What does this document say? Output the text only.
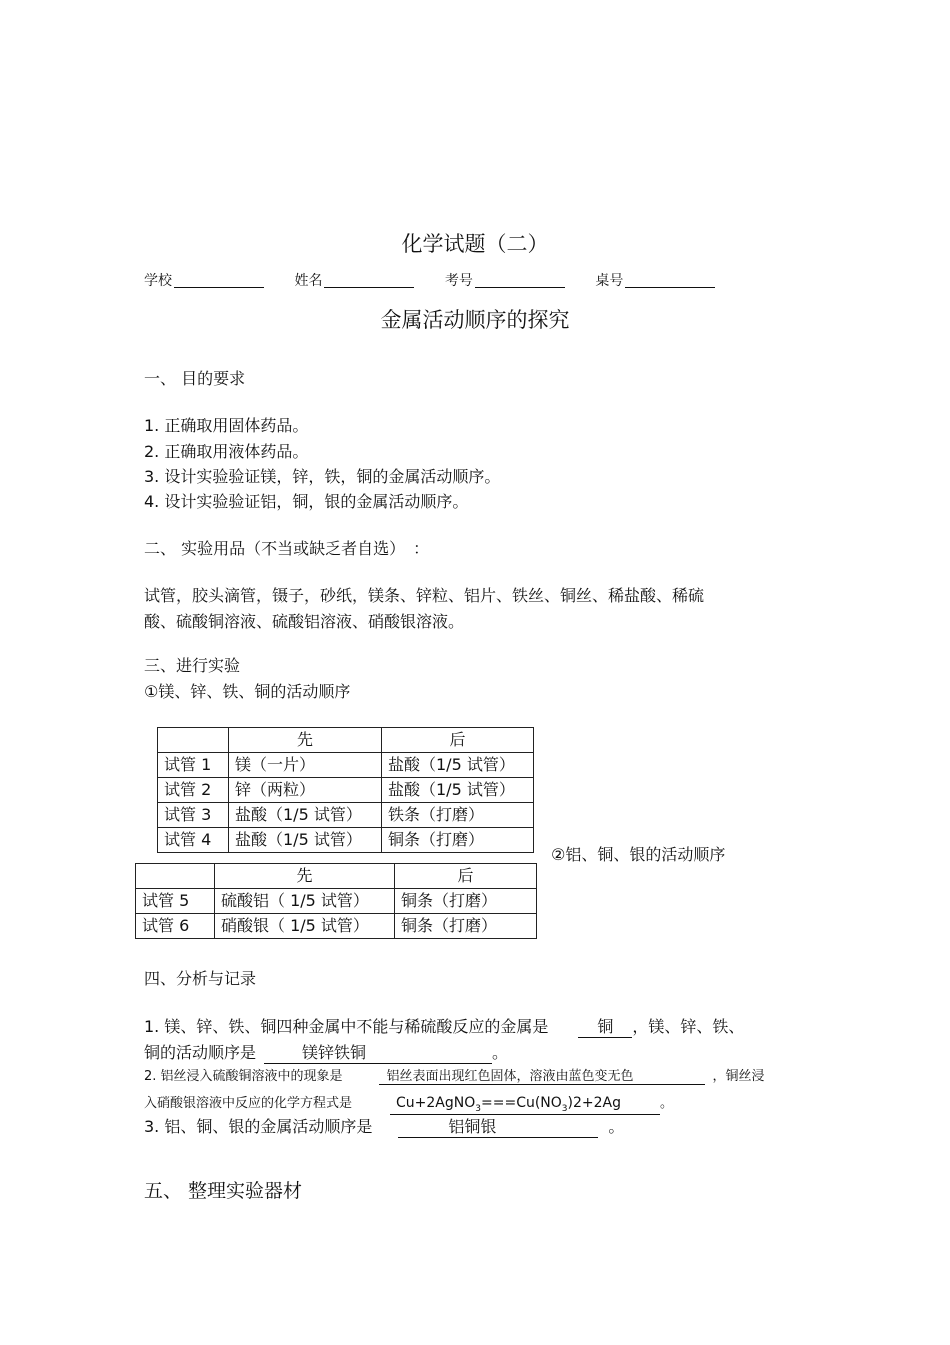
化学试题（二）
学校	姓名	考号	桌号
金属活动顺序的探究
一、 目的要求
1. 正确取用固体药品。
2. 正确取用液体药品。
3. 设计实验验证镁，锌，铁，铜的金属活动顺序。
4. 设计实验验证铝，铜，银的金属活动顺序。
二、 实验用品（不当或缺乏者自选）　：
试管，胶头滴管，镊子，砂纸，镁条、锌粒、铝片、铁丝、铜丝、稀盐酸、稀硫
酸、硫酸铜溶液、硫酸铝溶液、硝酸银溶液。
三、进行实验
①镁、锌、铁、铜的活动顺序
	先	后
试管 1	镁（一片）	盐酸（1/5 试管）
试管 2	锌（两粒）	盐酸（1/5 试管）
试管 3	盐酸（1/5 试管）	铁条（打磨）
试管 4	盐酸（1/5 试管）	铜条（打磨）
②铝、铜、银的活动顺序
	先	后
试管 5	硫酸铝（ 1/5 试管）	铜条（打磨）
试管 6	硝酸银（ 1/5 试管）	铜条（打磨）
四、分析与记录
1. 镁、锌、铁、铜四种金属中不能与稀硫酸反应的金属是	铜 ，镁、锌、铁、
铜的活动顺序是	镁锌铁铜	。
2. 铝丝浸入硫酸铜溶液中的现象是	铝丝表面出现红色固体，溶液由蓝色变无色	，铜丝浸
入硝酸银溶液中反应的化学方程式是	$Cu+2AgNO_3===Cu(NO_3)2+2Ag$	。
3. 铝、铜、银的金属活动顺序是	铝铜银	。
五、 整理实验器材
